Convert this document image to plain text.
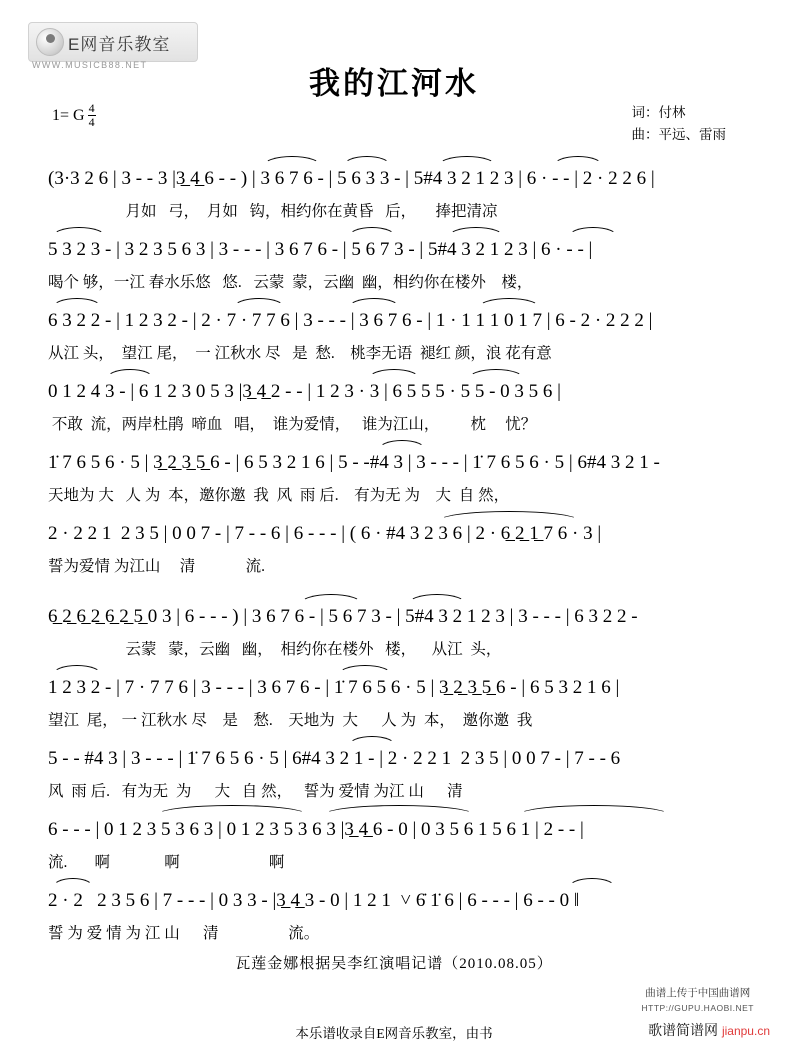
E网音乐教室
WWW.MUSICB88.NET
我的江河水
1= G $\frac{4}{4}$	词：付林
曲：平远、雷雨
(3·3 2 6 | 3 - - 3 |3̲ 4̲ 6 - - ) | 3 6 7 6 - | 5 6 3 3 - | 5#4 3 2 1 2 3 | 6 · - - | 2 · 2 2 6 |
月如   弓，  月如   钩，相约你在黄昏   后，     捧把清凉
5 3 2 3 - | 3 2 3 5 6 3 | 3 - - - | 3 6 7 6 - | 5 6 7 3 - | 5#4 3 2 1 2 3 | 6 · - - |
喝个 够，一江 春水乐悠   悠.   云蒙  蒙，云幽  幽，相约你在楼外    楼，
6 3 2 2 - | 1 2 3 2 - | 2 · 7 · 7 7 6 | 3 - - - | 3 6 7 6 - | 1 · 1 1 1 0 1 7 | 6 - 2 · 2 2 2 |
从江 头，  望江 尾，  一 江秋水 尽   是  愁.    桃李无语  褪红 颜，浪 花有意
0 1 2 4 3 - | 6 1 2 3 0 5 3 |3̲ 4̲ 2 - - | 1 2 3 · 3 | 6 5 5 5 · 5 5 - 0 3 5 6 |
不敢  流，两岸杜鹃  啼血   唱，  谁为爱情，   谁为江山，        枕     忧？
1̇ 7 6 5 6 · 5 | 3̲ 2̲ 3̲ 5̲ 6 - | 6 5 3 2 1 6 | 5 - -#4 3 | 3 - - - | 1̇ 7 6 5 6 · 5 | 6#4 3 2 1 -
天地为 大   人 为  本，邀你邀  我  风  雨 后.    有为无 为    大  自 然，
2 · 2 2 1  2 3 5 | 0 0 7 - | 7 - - 6 | 6 - - - | ( 6 · #4 3 2 3 6 | 2 · 6̲ 2̲ 1̲ 7 6 · 3 |
誓为爱情 为江山     清             流.
6̲ 2̲ 6̲ 2̲ 6̲ 2̲ 5̲ 0 3 | 6 - - - ) | 3 6 7 6 - | 5 6 7 3 - | 5#4 3 2 1 2 3 | 3 - - - | 6 3 2 2 -
云蒙   蒙，云幽   幽，  相约你在楼外   楼，    从江  头，
1 2 3 2 - | 7 · 7 7 6 | 3 - - - | 3 6 7 6 - | 1̇ 7 6 5 6 · 5 | 3̲ 2̲ 3̲ 5̲ 6 - | 6 5 3 2 1 6 |
望江  尾， 一 江秋水 尽    是    愁.    天地为  大      人 为  本，  邀你邀  我
5 - - #4 3 | 3 - - - | 1̇ 7 6 5 6 · 5 | 6#4 3 2 1 - | 2 · 2 2 1  2 3 5 | 0 0 7 - | 7 - - 6
风  雨 后.   有为无  为      大   自 然，   誓为 爱情 为江 山      清
6 - - - | 0 1 2 3 5 3 6 3 | 0 1 2 3 5 3 6 3 |3̲ 4̲ 6 - 0 | 0 3 5 6 1 5 6 1 | 2 - - |
流.       啊              啊                       啊
2 · 2   2 3 5 6 | 7 - - - | 0 3 3 - |3̲ 4̲ 3 - 0 | 1 2 1  ˅ 6̇ 1̇ 6 | 6 - - - | 6 - - 0 ‖
誓 为 爱 情 为 江 山      清                  流。
瓦莲金娜根据吴李红演唱记谱（2010.08.05）
曲谱上传于中国曲谱网
HTTP://GUPU.HAOBI.NET
本乐谱收录自E网音乐教室，由书	歌谱简谱网 jianpu.cn
